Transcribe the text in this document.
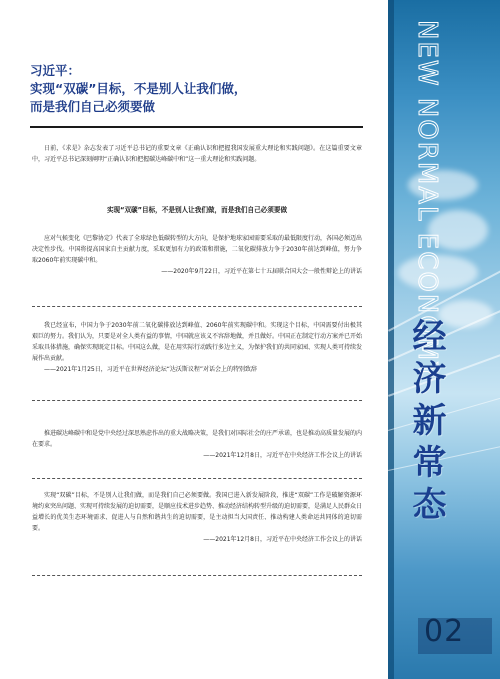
习近平：
实现“双碳”目标，不是别人让我们做，
而是我们自己必须要做

日前，《求是》杂志发表了习近平总书记的重要文章《正确认识和把握我国发展重大理论和实践问题》。在这篇重要文章中，习近平总书记深刻阐明“正确认识和把握碳达峰碳中和”这一重大理论和实践问题。

实现“双碳”目标，不是别人让我们做，而是我们自己必须要做

应对气候变化《巴黎协定》代表了全球绿色低碳转型的大方向，是保护地球家园需要采取的最低限度行动，各国必须迈出决定性步伐。中国将提高国家自主贡献力度，采取更加有力的政策和措施，二氧化碳排放力争于2030年前达到峰值，努力争取2060年前实现碳中和。

——2020年9月22日，习近平在第七十五届联合国大会一般性辩论上的讲话

我已经宣布，中国力争于2030年前二氧化碳排放达到峰值、2060年前实现碳中和。实现这个目标，中国需要付出极其艰巨的努力。我们认为，只要是对全人类有益的事情，中国就应该义不容辞地做，并且做好。中国正在制定行动方案并已开始采取具体措施，确保实现既定目标。中国这么做，是在用实际行动践行多边主义，为保护我们的共同家园、实现人类可持续发展作出贡献。

——2021年1月25日，习近平在世界经济论坛“达沃斯议程”对话会上的特别致辞

推进碳达峰碳中和是党中央经过深思熟虑作出的重大战略决策，是我们对国际社会的庄严承诺，也是推动高质量发展的内在要求。

——2021年12月8日，习近平在中央经济工作会议上的讲话

实现“双碳”目标，不是别人让我们做，而是我们自己必须要做。我国已进入新发展阶段，推进“双碳”工作是破解资源环境约束突出问题、实现可持续发展的迫切需要，是顺应技术进步趋势、推动经济结构转型升级的迫切需要，是满足人民群众日益增长的优美生态环境需求、促进人与自然和谐共生的迫切需要，是主动担当大国责任、推动构建人类命运共同体的迫切需要。

——2021年12月8日，习近平在中央经济工作会议上的讲话

NEW NORMAL ECONOMY
经济新常态
02
